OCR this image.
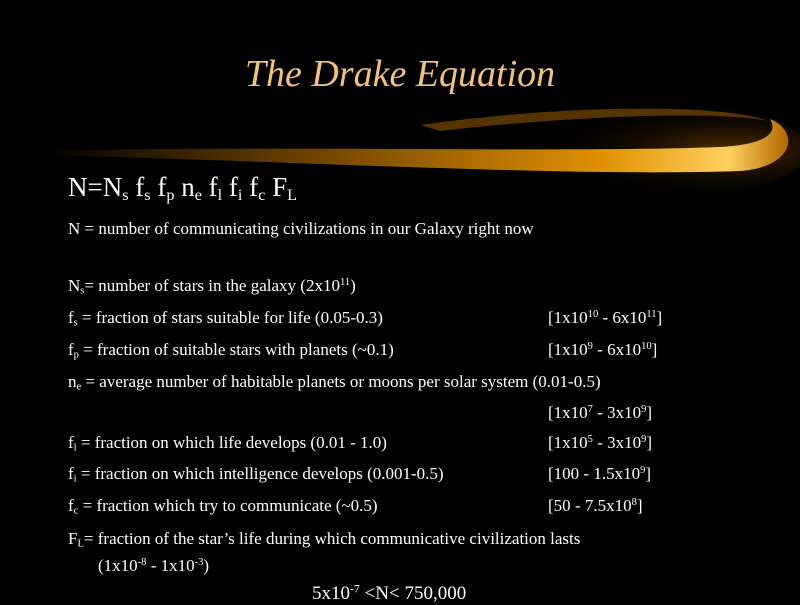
The Drake Equation
$N=N_s$ $f_s$ $f_p$ $n_e$ $f_l$ $f_i$ $f_c$ $F_L$
N = number of communicating civilizations in our Galaxy right now
$N_s=$ number of stars in the galaxy $(2x10^{11})$
$f_s$ = fraction of stars suitable for life (0.05-0.3)	$[1x10^{10} - 6x10^{11}]$
$f_p$ = fraction of suitable stars with planets (~0.1)	$[1x10^9 - 6x10^{10}]$
$n_e$ = average number of habitable planets or moons per solar system (0.01-0.5)
$[1x10^7 - 3x10^9]$
$f_l$ = fraction on which life develops (0.01 - 1.0)	$[1x10^5 - 3x10^9]$
$f_i$ = fraction on which intelligence develops (0.001-0.5)	$[100 - 1.5x10^9]$
$f_c$ = fraction which try to communicate (~0.5)	$[50 - 7.5x10^8]$
$F_L=$ fraction of the star’s life during which communicative civilization lasts
$(1x10^{-8} - 1x10^{-3})$
$5x10^{-7} <N< 750,000$
